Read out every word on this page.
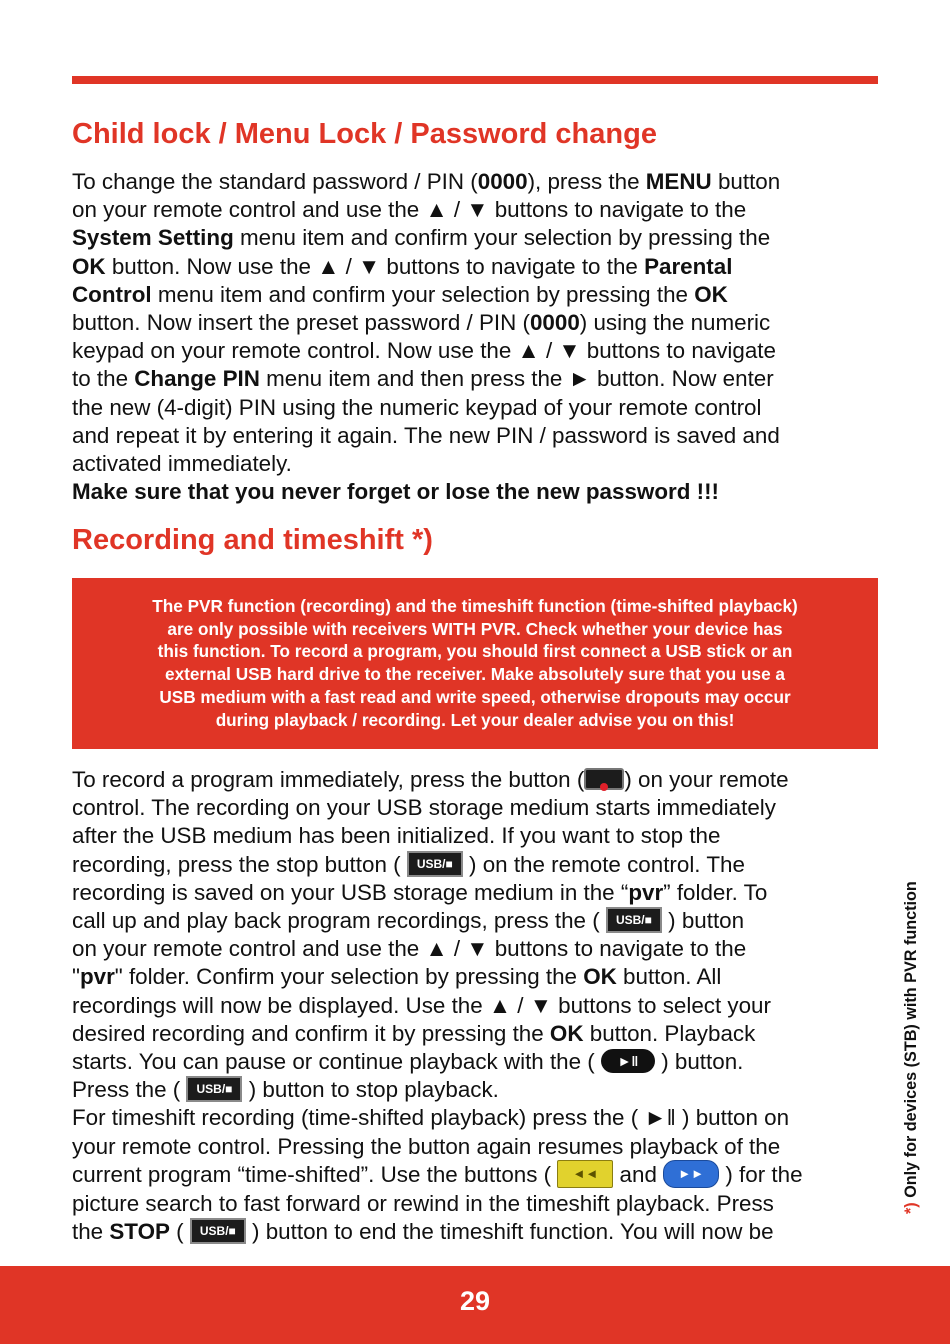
Child lock / Menu Lock / Password change
To change the standard password / PIN (0000), press the MENU button
on your remote control and use the ▲ / ▼ buttons to navigate to the
System Setting menu item and confirm your selection by pressing the
OK button. Now use the ▲ / ▼ buttons to navigate to the Parental
Control menu item and confirm your selection by pressing the OK
button. Now insert the preset password / PIN (0000) using the numeric
keypad on your remote control. Now use the ▲ / ▼ buttons to navigate
to the Change PIN menu item and then press the ► button. Now enter
the new (4-digit) PIN using the numeric keypad of your remote control
and repeat it by entering it again. The new PIN / password is saved and
activated immediately.
Make sure that you never forget or lose the new password !!!
Recording and timeshift *)
The PVR function (recording) and the timeshift function (time-shifted playback)
are only possible with receivers WITH PVR. Check whether your device has
this function. To record a program, you should first connect a USB stick or an
external USB hard drive to the receiver. Make absolutely sure that you use a
USB medium with a fast read and write speed, otherwise dropouts may occur
during playback / recording. Let your dealer advise you on this!
To record a program immediately, press the button ( ) on your remote
control. The recording on your USB storage medium starts immediately
after the USB medium has been initialized. If you want to stop the
recording, press the stop button ( USB/■ ) on the remote control. The
recording is saved on your USB storage medium in the “pvr” folder. To
call up and play back program recordings, press the ( USB/■ ) button
on your remote control and use the ▲ / ▼ buttons to navigate to the
"pvr" folder. Confirm your selection by pressing the OK button. All
recordings will now be displayed. Use the ▲ / ▼ buttons to select your
desired recording and confirm it by pressing the OK button. Playback
starts. You can pause or continue playback with the ( ►ǁ ) button.
Press the ( USB/■ ) button to stop playback.
For timeshift recording (time-shifted playback) press the ( ►ǁ ) button on
your remote control. Pressing the button again resumes playback of the
current program “time-shifted”. Use the buttons ( ◄◄ and ►► ) for the
picture search to fast forward or rewind in the timeshift playback. Press
the STOP ( USB/■ ) button to end the timeshift function. You will now be
*) Only for devices (STB) with PVR function
29
